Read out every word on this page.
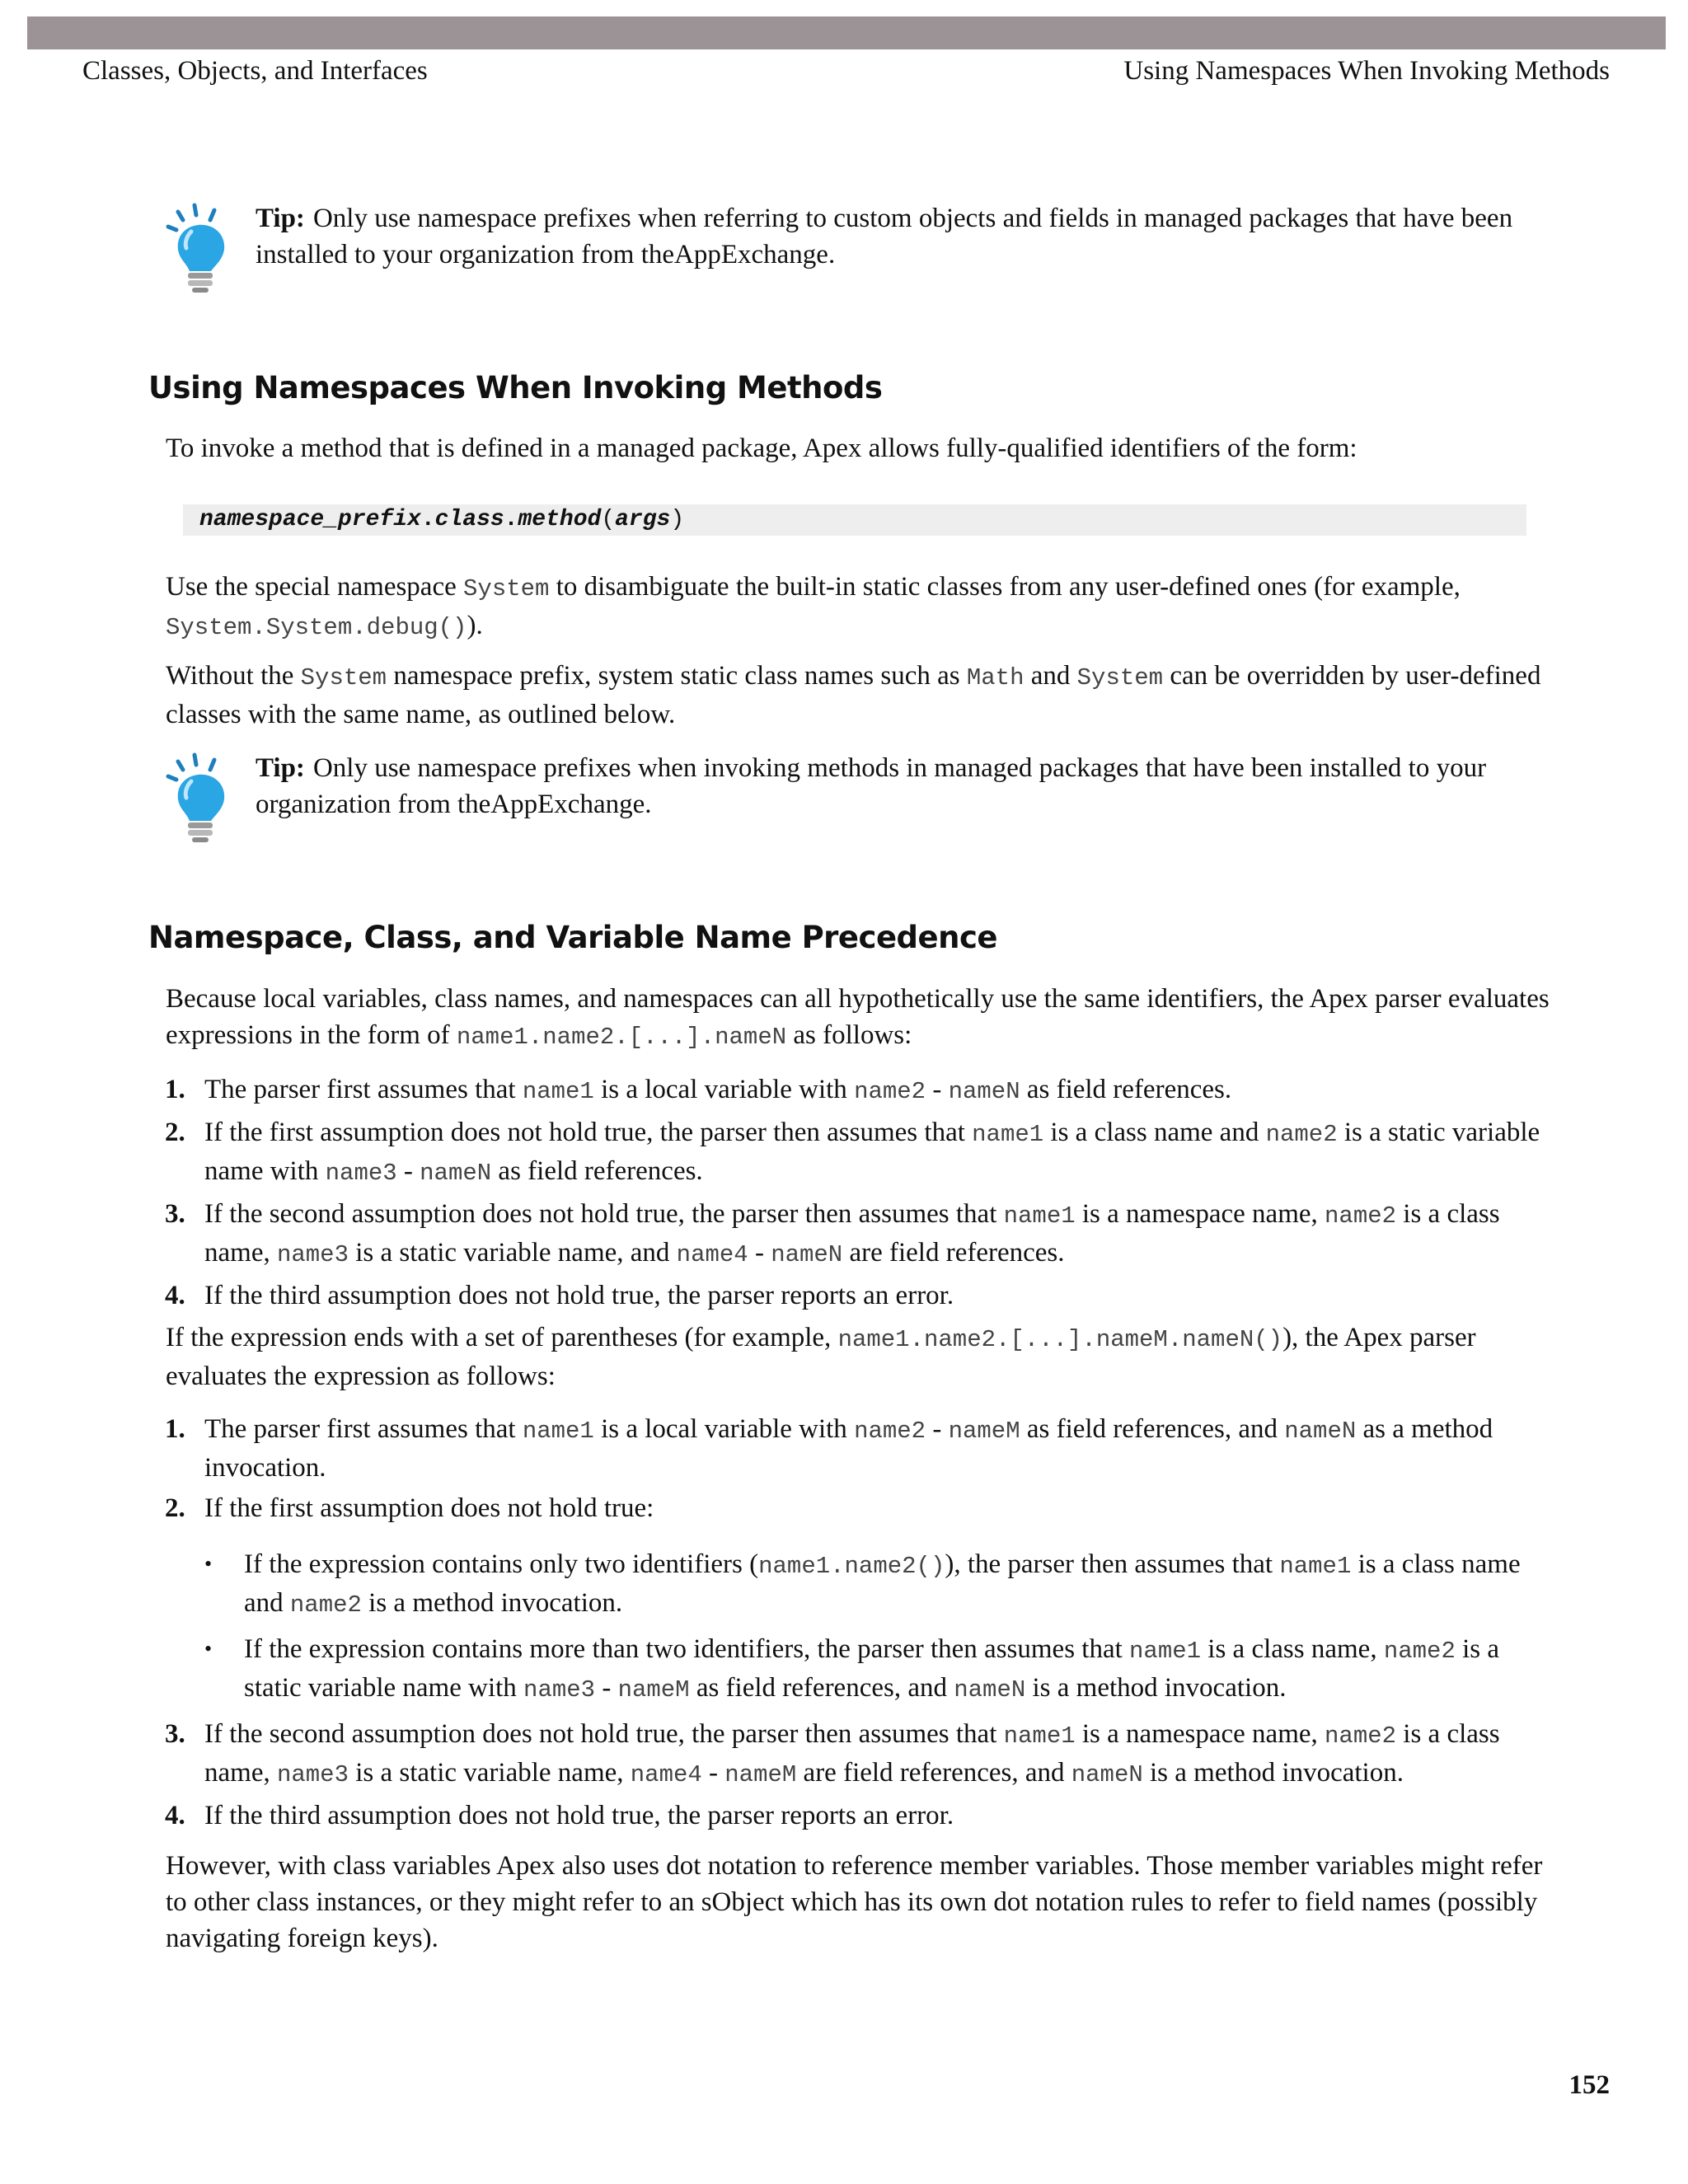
Classes, Objects, and Interfaces	Using Namespaces When Invoking Methods
Tip: Only use namespace prefixes when referring to custom objects and fields in managed packages that have been installed to your organization from theAppExchange.
Using Namespaces When Invoking Methods

To invoke a method that is defined in a managed package, Apex allows fully-qualified identifiers of the form:

namespace_prefix.class.method(args)

Use the special namespace System to disambiguate the built-in static classes from any user-defined ones (for example, System.System.debug()).

Without the System namespace prefix, system static class names such as Math and System can be overridden by user-defined classes with the same name, as outlined below.

Tip: Only use namespace prefixes when invoking methods in managed packages that have been installed to your organization from theAppExchange.
Namespace, Class, and Variable Name Precedence

Because local variables, class names, and namespaces can all hypothetically use the same identifiers, the Apex parser evaluates expressions in the form of name1.name2.[...].nameN as follows:

1. The parser first assumes that name1 is a local variable with name2 - nameN as field references.
2. If the first assumption does not hold true, the parser then assumes that name1 is a class name and name2 is a static variable name with name3 - nameN as field references.
3. If the second assumption does not hold true, the parser then assumes that name1 is a namespace name, name2 is a class name, name3 is a static variable name, and name4 - nameN are field references.
4. If the third assumption does not hold true, the parser reports an error.

If the expression ends with a set of parentheses (for example, name1.name2.[...].nameM.nameN()), the Apex parser evaluates the expression as follows:

1. The parser first assumes that name1 is a local variable with name2 - nameM as field references, and nameN as a method invocation.
2. If the first assumption does not hold true:
• If the expression contains only two identifiers (name1.name2()), the parser then assumes that name1 is a class name and name2 is a method invocation.
• If the expression contains more than two identifiers, the parser then assumes that name1 is a class name, name2 is a static variable name with name3 - nameM as field references, and nameN is a method invocation.
3. If the second assumption does not hold true, the parser then assumes that name1 is a namespace name, name2 is a class name, name3 is a static variable name, name4 - nameM are field references, and nameN is a method invocation.
4. If the third assumption does not hold true, the parser reports an error.

However, with class variables Apex also uses dot notation to reference member variables. Those member variables might refer to other class instances, or they might refer to an sObject which has its own dot notation rules to refer to field names (possibly navigating foreign keys).

152
